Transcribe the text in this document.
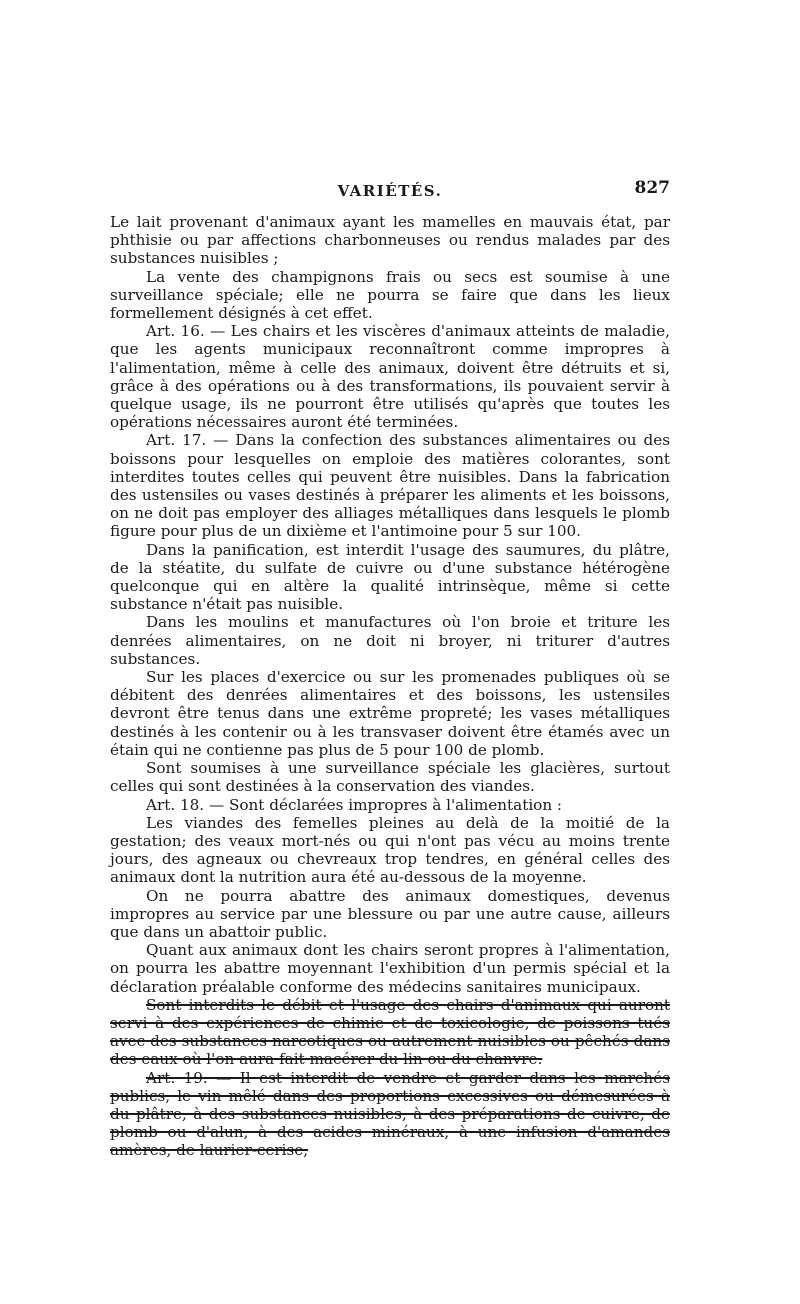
VARIÉTÉS.	827

Le lait provenant d'animaux ayant les mamelles en mauvais état, par phthisie ou par affections charbonneuses ou rendus malades par des substances nuisibles ;

La vente des champignons frais ou secs est soumise à une surveillance spéciale; elle ne pourra se faire que dans les lieux formellement désignés à cet effet.

Art. 16. — Les chairs et les viscères d'animaux atteints de maladie, que les agents municipaux reconnaîtront comme impropres à l'alimentation, même à celle des animaux, doivent être détruits et si, grâce à des opérations ou à des transformations, ils pouvaient servir à quelque usage, ils ne pourront être utilisés qu'après que toutes les opérations nécessaires auront été terminées.

Art. 17. — Dans la confection des substances alimentaires ou des boissons pour lesquelles on emploie des matières colorantes, sont interdites toutes celles qui peuvent être nuisibles. Dans la fabrication des ustensiles ou vases destinés à préparer les aliments et les boissons, on ne doit pas employer des alliages métalliques dans lesquels le plomb figure pour plus de un dixième et l'antimoine pour 5 sur 100.

Dans la panification, est interdit l'usage des saumures, du plâtre, de la stéatite, du sulfate de cuivre ou d'une substance hétérogène quelconque qui en altère la qualité intrinsèque, même si cette substance n'était pas nuisible.

Dans les moulins et manufactures où l'on broie et triture les denrées alimentaires, on ne doit ni broyer, ni triturer d'autres substances.

Sur les places d'exercice ou sur les promenades publiques où se débitent des denrées alimentaires et des boissons, les ustensiles devront être tenus dans une extrême propreté; les vases métalliques destinés à les contenir ou à les transvaser doivent être étamés avec un étain qui ne contienne pas plus de 5 pour 100 de plomb.

Sont soumises à une surveillance spéciale les glacières, surtout celles qui sont destinées à la conservation des viandes.

Art. 18. — Sont déclarées impropres à l'alimentation :

Les viandes des femelles pleines au delà de la moitié de la gestation; des veaux mort-nés ou qui n'ont pas vécu au moins trente jours, des agneaux ou chevreaux trop tendres, en général celles des animaux dont la nutrition aura été au-dessous de la moyenne.

On ne pourra abattre des animaux domestiques, devenus impropres au service par une blessure ou par une autre cause, ailleurs que dans un abattoir public.

Quant aux animaux dont les chairs seront propres à l'alimentation, on pourra les abattre moyennant l'exhibition d'un permis spécial et la déclaration préalable conforme des médecins sanitaires municipaux.

Sont interdits le débit et l'usage des chairs d'animaux qui auront servi à des expériences de chimie et de toxicologie, de poissons tués avec des substances narcotiques ou autrement nuisibles ou pêchés dans des eaux où l'on aura fait macérer du lin ou du chanvre.

Art. 19. — Il est interdit de vendre et garder dans les marchés publics, le vin mêlé dans des proportions excessives ou démesurées à du plâtre, à des substances nuisibles, à des préparations de cuivre, de plomb ou d'alun, à des acides minéraux, à une infusion d'amandes amères, de laurier-cerise,
